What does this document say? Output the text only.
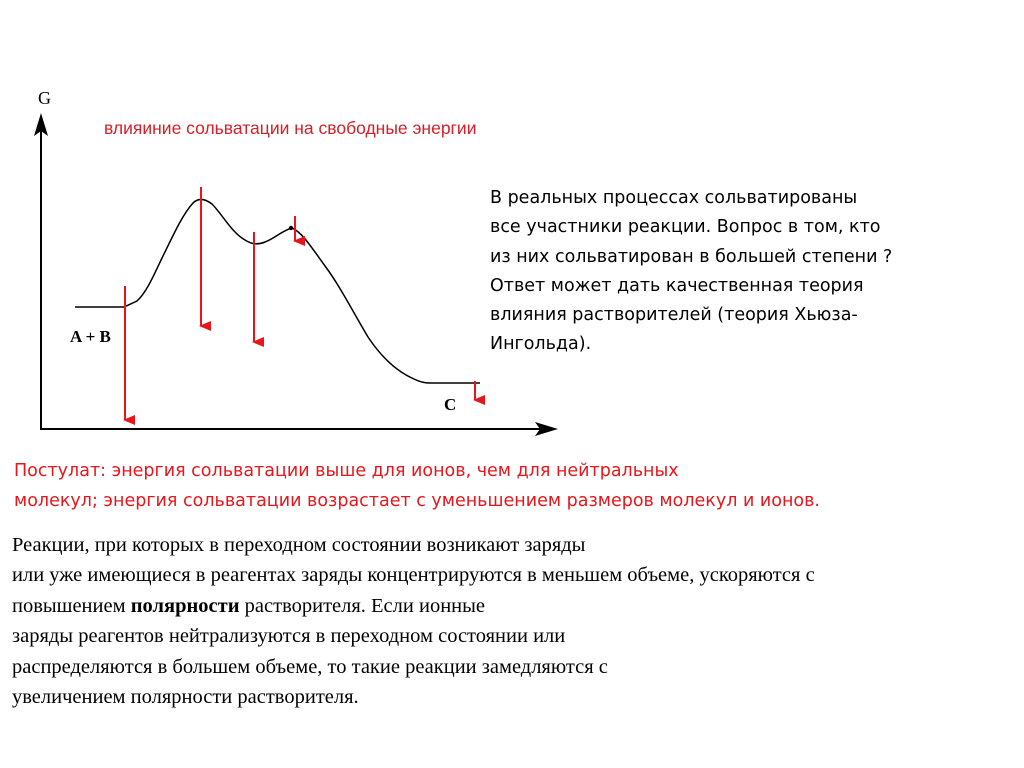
G
влияиние сольватации на свободные энергии
A + B
C
В реальных процессах сольватированы
все участники реакции. Вопрос в том, кто
из них сольватирован в большей степени ?
Ответ может дать качественная теория
влияния растворителей (теория Хьюза-
Ингольда).
Постулат: энергия сольватации выше для ионов, чем для нейтральных
молекул; энергия сольватации возрастает с уменьшением размеров молекул и ионов.
Реакции, при которых в переходном состоянии возникают заряды
или уже имеющиеся в реагентах заряды концентрируются в меньшем объеме, ускоряются с
повышением полярности растворителя. Если ионные
заряды реагентов нейтрализуются в переходном состоянии или
распределяются в большем объеме, то такие реакции замедляются с
увеличением полярности растворителя.
